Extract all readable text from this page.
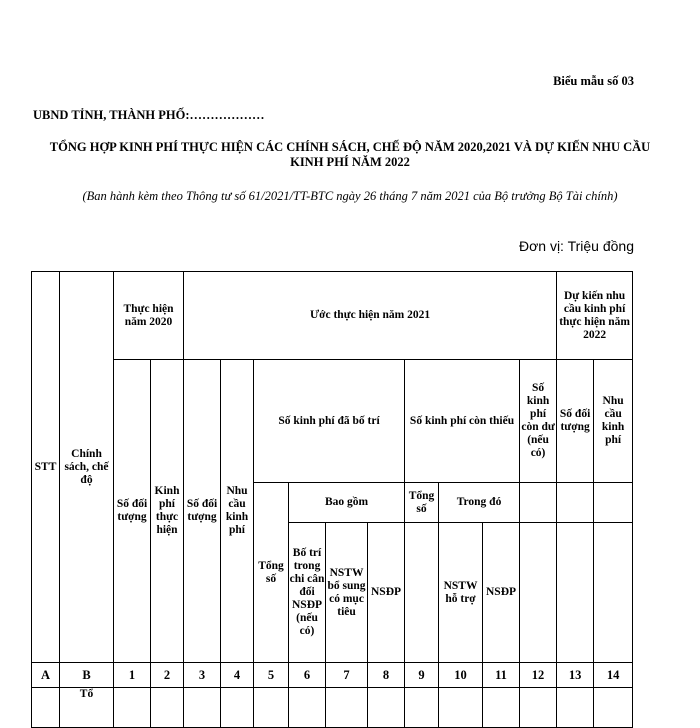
Biểu mẫu số 03
UBND TỈNH, THÀNH PHỐ:………………
TỔNG HỢP KINH PHÍ THỰC HIỆN CÁC CHÍNH SÁCH, CHẾ ĐỘ NĂM 2020,2021 VÀ DỰ KIẾN NHU CẦU KINH PHÍ NĂM 2022
(Ban hành kèm theo Thông tư số 61/2021/TT-BTC ngày 26 tháng 7 năm 2021 của Bộ trưởng Bộ Tài chính)
Đơn vị: Triệu đồng
STT	Chính sách, chế độ	Thực hiện năm 2020		Ước thực hiện năm 2021										Dự kiến nhu cầu kinh phí thực hiện năm 2022	
		Số đối tượng	Kinh phí thực hiện	Số đối tượng	Nhu cầu kinh phí	Số kinh phí đã bố trí				Số kinh phí còn thiếu			Số kinh phí còn dư (nếu có)	Số đối tượng	Nhu cầu kinh phí
						Tổng số	Bao gồm			Tổng số	Trong đó				
							Bố trí trong chi cân đối NSĐP (nếu có)	NSTW bổ sung có mục tiêu	NSĐP		NSTW hỗ trợ	NSĐP			
A	B	1	2	3	4	5	6	7	8	9	10	11	12	13	14
	Tổ														
